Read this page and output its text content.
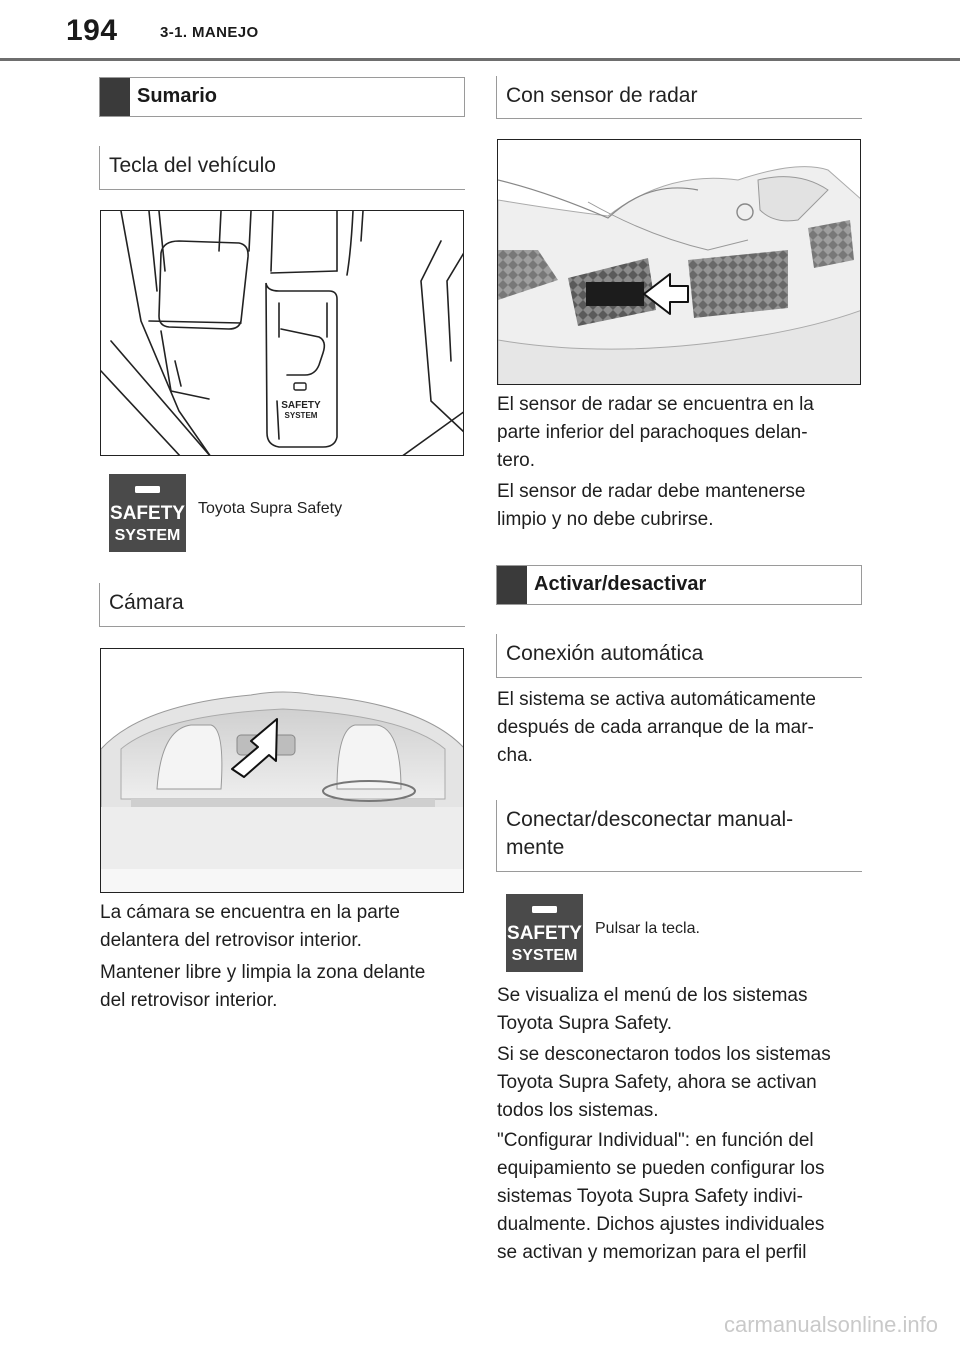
194	3-1. MANEJO
Sumario
Tecla del vehículo
SAFETY
SYSTEM
SAFETY
SYSTEM
Toyota Supra Safety
Cámara
La cámara se encuentra en la parte
delantera del retrovisor interior.
Mantener libre y limpia la zona delante
del retrovisor interior.
Con sensor de radar
El sensor de radar se encuentra en la
parte inferior del parachoques delan-
tero.
El sensor de radar debe mantenerse
limpio y no debe cubrirse.
Activar/desactivar
Conexión automática
El sistema se activa automáticamente
después de cada arranque de la mar-
cha.
Conectar/desconectar manual-
mente
SAFETY
SYSTEM
Pulsar la tecla.
Se visualiza el menú de los sistemas
Toyota Supra Safety.
Si se desconectaron todos los sistemas
Toyota Supra Safety, ahora se activan
todos los sistemas.
"Configurar Individual": en función del
equipamiento se pueden configurar los
sistemas Toyota Supra Safety indivi-
dualmente. Dichos ajustes individuales
se activan y memorizan para el perfil
carmanualsonline.info
